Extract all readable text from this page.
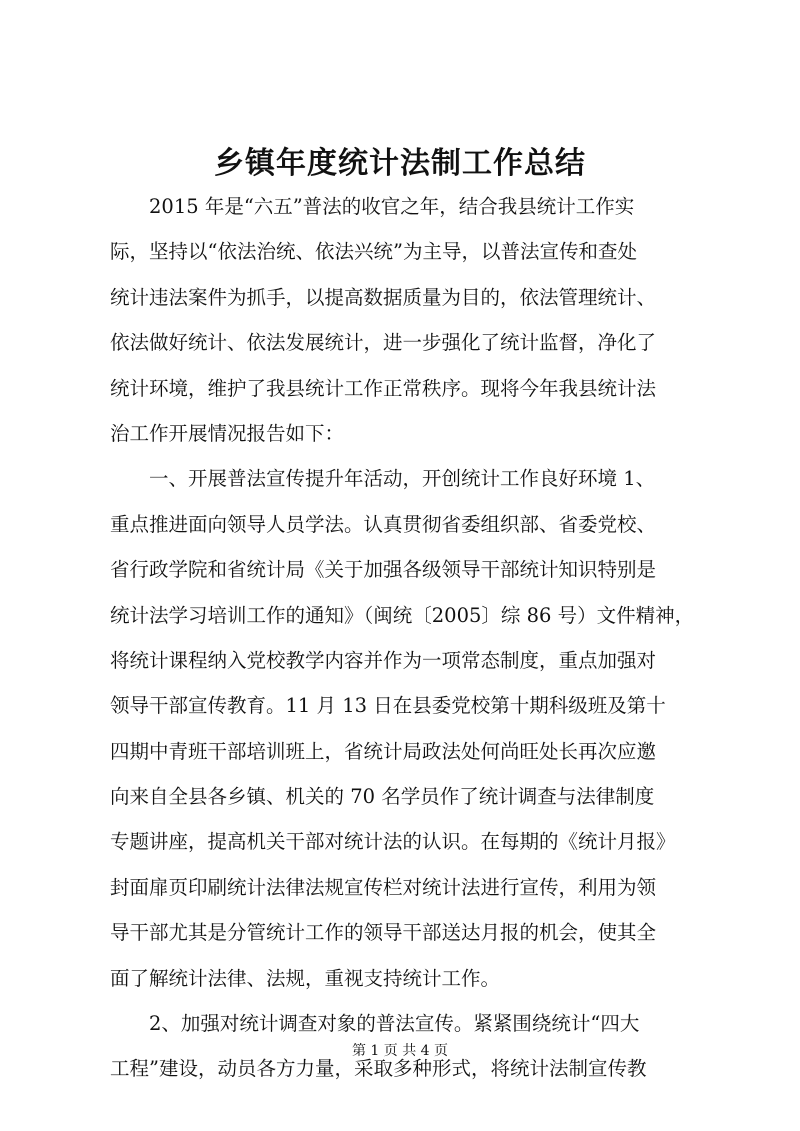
乡镇年度统计法制工作总结
2015 年是“六五”普法的收官之年，结合我县统计工作实
际，坚持以“依法治统、依法兴统”为主导，以普法宣传和查处
统计违法案件为抓手，以提高数据质量为目的，依法管理统计、
依法做好统计、依法发展统计，进一步强化了统计监督，净化了
统计环境，维护了我县统计工作正常秩序。现将今年我县统计法
治工作开展情况报告如下：
一、开展普法宣传提升年活动，开创统计工作良好环境 1、
重点推进面向领导人员学法。认真贯彻省委组织部、省委党校、
省行政学院和省统计局《关于加强各级领导干部统计知识特别是
统计法学习培训工作的通知》（闽统〔2005〕综 86 号）文件精神，
将统计课程纳入党校教学内容并作为一项常态制度，重点加强对
领导干部宣传教育。11 月 13 日在县委党校第十期科级班及第十
四期中青班干部培训班上，省统计局政法处何尚旺处长再次应邀
向来自全县各乡镇、机关的 70 名学员作了统计调查与法律制度
专题讲座，提高机关干部对统计法的认识。在每期的《统计月报》
封面扉页印刷统计法律法规宣传栏对统计法进行宣传，利用为领
导干部尤其是分管统计工作的领导干部送达月报的机会，使其全
面了解统计法律、法规，重视支持统计工作。
2、加强对统计调查对象的普法宣传。紧紧围绕统计“四大
工程”建设，动员各方力量，采取多种形式，将统计法制宣传教
第 1 页 共 4 页
